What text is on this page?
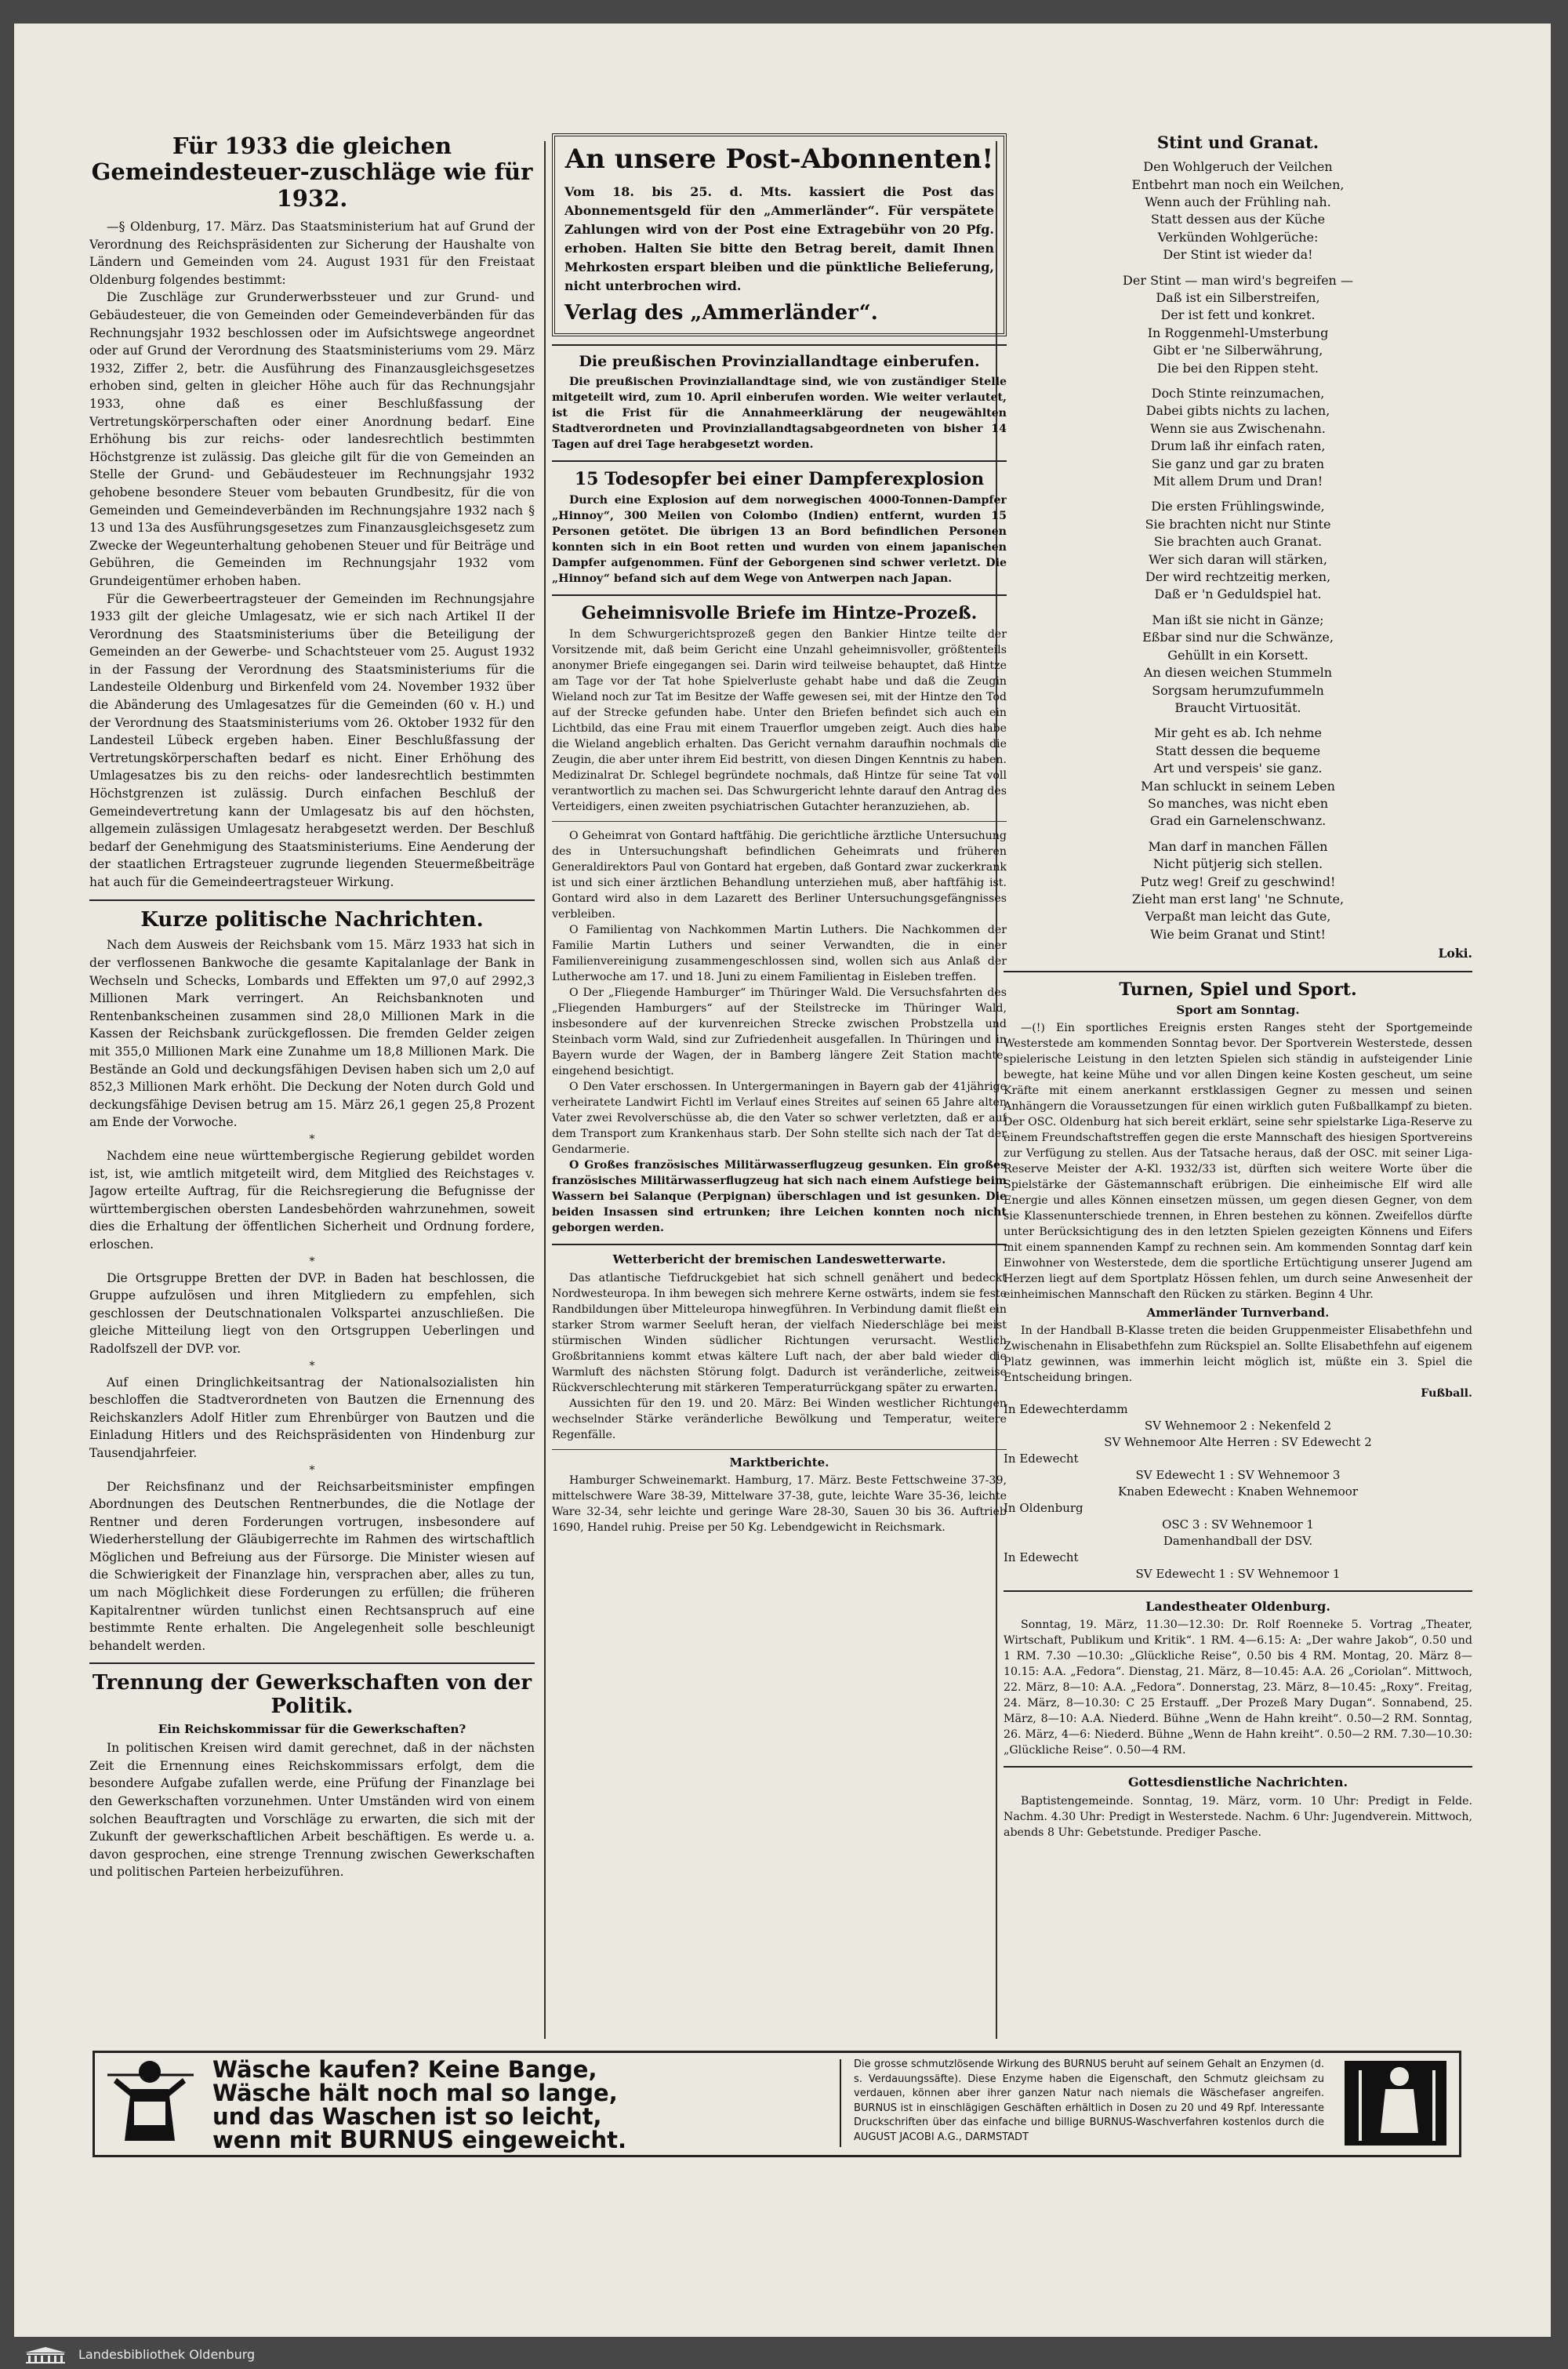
Für 1933 die gleichen Gemeindesteuer-zuschläge wie für 1932.

—§ Oldenburg, 17. März. Das Staatsministerium hat auf Grund der Verordnung des Reichspräsidenten zur Sicherung der Haushalte von Ländern und Gemeinden vom 24. August 1931 für den Freistaat Oldenburg folgendes bestimmt:

Die Zuschläge zur Grunderwerbssteuer und zur Grund- und Gebäudesteuer, die von Gemeinden oder Gemeindeverbänden für das Rechnungsjahr 1932 beschlossen oder im Aufsichtswege angeordnet oder auf Grund der Verordnung des Staatsministeriums vom 29. März 1932, Ziffer 2, betr. die Ausführung des Finanzausgleichsgesetzes erhoben sind, gelten in gleicher Höhe auch für das Rechnungsjahr 1933, ohne daß es einer Beschlußfassung der Vertretungskörperschaften oder einer Anordnung bedarf. Eine Erhöhung bis zur reichs- oder landesrechtlich bestimmten Höchstgrenze ist zulässig. Das gleiche gilt für die von Gemeinden an Stelle der Grund- und Gebäudesteuer im Rechnungsjahr 1932 gehobene besondere Steuer vom bebauten Grundbesitz, für die von Gemeinden und Gemeindeverbänden im Rechnungsjahre 1932 nach § 13 und 13a des Ausführungsgesetzes zum Finanzausgleichsgesetz zum Zwecke der Wegeunterhaltung gehobenen Steuer und für Beiträge und Gebühren, die Gemeinden im Rechnungsjahr 1932 vom Grundeigentümer erhoben haben.

Für die Gewerbeertragsteuer der Gemeinden im Rechnungsjahre 1933 gilt der gleiche Umlagesatz, wie er sich nach Artikel II der Verordnung des Staatsministeriums über die Beteiligung der Gemeinden an der Gewerbe- und Schachtsteuer vom 25. August 1932 in der Fassung der Verordnung des Staatsministeriums für die Landesteile Oldenburg und Birkenfeld vom 24. November 1932 über die Abänderung des Umlagesatzes für die Gemeinden (60 v. H.) und der Verordnung des Staatsministeriums vom 26. Oktober 1932 für den Landesteil Lübeck ergeben haben. Einer Beschlußfassung der Vertretungskörperschaften bedarf es nicht. Einer Erhöhung des Umlagesatzes bis zu den reichs- oder landesrechtlich bestimmten Höchstgrenzen ist zulässig. Durch einfachen Beschluß der Gemeindevertretung kann der Umlagesatz bis auf den höchsten, allgemein zulässigen Umlagesatz herabgesetzt werden. Der Beschluß bedarf der Genehmigung des Staatsministeriums. Eine Aenderung der der staatlichen Ertragsteuer zugrunde liegenden Steuermeßbeiträge hat auch für die Gemeindeertragsteuer Wirkung.

Kurze politische Nachrichten.

Nach dem Ausweis der Reichsbank vom 15. März 1933 hat sich in der verflossenen Bankwoche die gesamte Kapitalanlage der Bank in Wechseln und Schecks, Lombards und Effekten um 97,0 auf 2992,3 Millionen Mark verringert. An Reichsbanknoten und Rentenbankscheinen zusammen sind 28,0 Millionen Mark in die Kassen der Reichsbank zurückgeflossen. Die fremden Gelder zeigen mit 355,0 Millionen Mark eine Zunahme um 18,8 Millionen Mark. Die Bestände an Gold und deckungsfähigen Devisen haben sich um 2,0 auf 852,3 Millionen Mark erhöht. Die Deckung der Noten durch Gold und deckungsfähige Devisen betrug am 15. März 26,1 gegen 25,8 Prozent am Ende der Vorwoche.

*

Nachdem eine neue württembergische Regierung gebildet worden ist, ist, wie amtlich mitgeteilt wird, dem Mitglied des Reichstages v. Jagow erteilte Auftrag, für die Reichsregierung die Befugnisse der württembergischen obersten Landesbehörden wahrzunehmen, soweit dies die Erhaltung der öffentlichen Sicherheit und Ordnung fordere, erloschen.

*

Die Ortsgruppe Bretten der DVP. in Baden hat beschlossen, die Gruppe aufzulösen und ihren Mitgliedern zu empfehlen, sich geschlossen der Deutschnationalen Volkspartei anzuschließen. Die gleiche Mitteilung liegt von den Ortsgruppen Ueberlingen und Radolfszell der DVP. vor.

*

Auf einen Dringlichkeitsantrag der Nationalsozialisten hin beschloffen die Stadtverordneten von Bautzen die Ernennung des Reichskanzlers Adolf Hitler zum Ehrenbürger von Bautzen und die Einladung Hitlers und des Reichspräsidenten von Hindenburg zur Tausendjahrfeier.

*

Der Reichsfinanz und der Reichsarbeitsminister empfingen Abordnungen des Deutschen Rentnerbundes, die die Notlage der Rentner und deren Forderungen vortrugen, insbesondere auf Wiederherstellung der Gläubigerrechte im Rahmen des wirtschaftlich Möglichen und Befreiung aus der Fürsorge. Die Minister wiesen auf die Schwierigkeit der Finanzlage hin, versprachen aber, alles zu tun, um nach Möglichkeit diese Forderungen zu erfüllen; die früheren Kapitalrentner würden tunlichst einen Rechtsanspruch auf eine bestimmte Rente erhalten. Die Angelegenheit solle beschleunigt behandelt werden.

Trennung der Gewerkschaften von der Politik.

Ein Reichskommissar für die Gewerkschaften?

In politischen Kreisen wird damit gerechnet, daß in der nächsten Zeit die Ernennung eines Reichskommissars erfolgt, dem die besondere Aufgabe zufallen werde, eine Prüfung der Finanzlage bei den Gewerkschaften vorzunehmen. Unter Umständen wird von einem solchen Beauftragten und Vorschläge zu erwarten, die sich mit der Zukunft der gewerkschaftlichen Arbeit beschäftigen. Es werde u. a. davon gesprochen, eine strenge Trennung zwischen Gewerkschaften und politischen Parteien herbeizuführen.

An unsere Post-Abonnenten!

Vom 18. bis 25. d. Mts. kassiert die Post das Abonnementsgeld für den „Ammerländer“. Für verspätete Zahlungen wird von der Post eine Extragebühr von 20 Pfg. erhoben. Halten Sie bitte den Betrag bereit, damit Ihnen Mehrkosten erspart bleiben und die pünktliche Belieferung, nicht unterbrochen wird.

Verlag des „Ammerländer“.

Die preußischen Provinziallandtage einberufen.

Die preußischen Provinziallandtage sind, wie von zuständiger Stelle mitgeteilt wird, zum 10. April einberufen worden. Wie weiter verlautet, ist die Frist für die Annahmeerklärung der neugewählten Stadtverordneten und Provinziallandtagsabgeordneten von bisher 14 Tagen auf drei Tage herabgesetzt worden.

15 Todesopfer bei einer Dampferexplosion

Durch eine Explosion auf dem norwegischen 4000-Tonnen-Dampfer „Hinnoy“, 300 Meilen von Colombo (Indien) entfernt, wurden 15 Personen getötet. Die übrigen 13 an Bord befindlichen Personen konnten sich in ein Boot retten und wurden von einem japanischen Dampfer aufgenommen. Fünf der Geborgenen sind schwer verletzt. Die „Hinnoy“ befand sich auf dem Wege von Antwerpen nach Japan.

Geheimnisvolle Briefe im Hintze-Prozeß.

In dem Schwurgerichtsprozeß gegen den Bankier Hintze teilte der Vorsitzende mit, daß beim Gericht eine Unzahl geheimnisvoller, größtenteils anonymer Briefe eingegangen sei. Darin wird teilweise behauptet, daß Hintze am Tage vor der Tat hohe Spielverluste gehabt habe und daß die Zeugin Wieland noch zur Tat im Besitze der Waffe gewesen sei, mit der Hintze den Tod auf der Strecke gefunden habe. Unter den Briefen befindet sich auch ein Lichtbild, das eine Frau mit einem Trauerflor umgeben zeigt. Auch dies habe die Wieland angeblich erhalten. Das Gericht vernahm daraufhin nochmals die Zeugin, die aber unter ihrem Eid bestritt, von diesen Dingen Kenntnis zu haben. Medizinalrat Dr. Schlegel begründete nochmals, daß Hintze für seine Tat voll verantwortlich zu machen sei. Das Schwurgericht lehnte darauf den Antrag des Verteidigers, einen zweiten psychiatrischen Gutachter heranzuziehen, ab.

O Geheimrat von Gontard haftfähig. Die gerichtliche ärztliche Untersuchung des in Untersuchungshaft befindlichen Geheimrats und früheren Generaldirektors Paul von Gontard hat ergeben, daß Gontard zwar zuckerkrank ist und sich einer ärztlichen Behandlung unterziehen muß, aber haftfähig ist. Gontard wird also in dem Lazarett des Berliner Untersuchungsgefängnisses verbleiben.

O Familientag von Nachkommen Martin Luthers. Die Nachkommen der Familie Martin Luthers und seiner Verwandten, die in einer Familienvereinigung zusammengeschlossen sind, wollen sich aus Anlaß der Lutherwoche am 17. und 18. Juni zu einem Familientag in Eisleben treffen.

O Der „Fliegende Hamburger“ im Thüringer Wald. Die Versuchsfahrten des „Fliegenden Hamburgers“ auf der Steilstrecke im Thüringer Wald, insbesondere auf der kurvenreichen Strecke zwischen Probstzella und Steinbach vorm Wald, sind zur Zufriedenheit ausgefallen. In Thüringen und in Bayern wurde der Wagen, der in Bamberg längere Zeit Station machte, eingehend besichtigt.

O Den Vater erschossen. In Untergermaningen in Bayern gab der 41jährige verheiratete Landwirt Fichtl im Verlauf eines Streites auf seinen 65 Jahre alten Vater zwei Revolverschüsse ab, die den Vater so schwer verletzten, daß er auf dem Transport zum Krankenhaus starb. Der Sohn stellte sich nach der Tat der Gendarmerie.

O Großes französisches Militärwasserflugzeug gesunken. Ein großes französisches Militärwasserflugzeug hat sich nach einem Aufstiege beim Wassern bei Salanque (Perpignan) überschlagen und ist gesunken. Die beiden Insassen sind ertrunken; ihre Leichen konnten noch nicht geborgen werden.

Wetterbericht der bremischen Landeswetterwarte.

Das atlantische Tiefdruckgebiet hat sich schnell genähert und bedeckt Nordwesteuropa. In ihm bewegen sich mehrere Kerne ostwärts, indem sie feste Randbildungen über Mitteleuropa hinwegführen. In Verbindung damit fließt ein starker Strom warmer Seeluft heran, der vielfach Niederschläge bei meist stürmischen Winden südlicher Richtungen verursacht. Westlich Großbritanniens kommt etwas kältere Luft nach, der aber bald wieder die Warmluft des nächsten Störung folgt. Dadurch ist veränderliche, zeitweise Rückverschlechterung mit stärkeren Temperaturrückgang später zu erwarten.

Aussichten für den 19. und 20. März: Bei Winden westlicher Richtungen wechselnder Stärke veränderliche Bewölkung und Temperatur, weitere Regenfälle.

Marktberichte.

Hamburger Schweinemarkt. Hamburg, 17. März. Beste Fettschweine 37-39, mittelschwere Ware 38-39, Mittelware 37-38, gute, leichte Ware 35-36, leichte Ware 32-34, sehr leichte und geringe Ware 28-30, Sauen 30 bis 36. Auftrieb 1690, Handel ruhig. Preise per 50 Kg. Lebendgewicht in Reichsmark.

Stint und Granat.

Den Wohlgeruch der Veilchen

Entbehrt man noch ein Weilchen,

Wenn auch der Frühling nah.

Statt dessen aus der Küche

Verkünden Wohlgerüche:

Der Stint ist wieder da!

Der Stint — man wird's begreifen —

Daß ist ein Silberstreifen,

Der ist fett und konkret.

In Roggenmehl-Umsterbung

Gibt er 'ne Silberwährung,

Die bei den Rippen steht.

Doch Stinte reinzumachen,

Dabei gibts nichts zu lachen,

Wenn sie aus Zwischenahn.

Drum laß ihr einfach raten,

Sie ganz und gar zu braten

Mit allem Drum und Dran!

Die ersten Frühlingswinde,

Sie brachten nicht nur Stinte

Sie brachten auch Granat.

Wer sich daran will stärken,

Der wird rechtzeitig merken,

Daß er 'n Geduldspiel hat.

Man ißt sie nicht in Gänze;

Eßbar sind nur die Schwänze,

Gehüllt in ein Korsett.

An diesen weichen Stummeln

Sorgsam herumzufummeln

Braucht Virtuosität.

Mir geht es ab. Ich nehme

Statt dessen die bequeme

Art und verspeis' sie ganz.

Man schluckt in seinem Leben

So manches, was nicht eben

Grad ein Garnelenschwanz.

Man darf in manchen Fällen

Nicht pütjerig sich stellen.

Putz weg! Greif zu geschwind!

Zieht man erst lang' 'ne Schnute,

Verpaßt man leicht das Gute,

Wie beim Granat und Stint!

Loki.

Turnen, Spiel und Sport.

Sport am Sonntag.

—(!) Ein sportliches Ereignis ersten Ranges steht der Sportgemeinde Westerstede am kommenden Sonntag bevor. Der Sportverein Westerstede, dessen spielerische Leistung in den letzten Spielen sich ständig in aufsteigender Linie bewegte, hat keine Mühe und vor allen Dingen keine Kosten gescheut, um seine Kräfte mit einem anerkannt erstklassigen Gegner zu messen und seinen Anhängern die Voraussetzungen für einen wirklich guten Fußballkampf zu bieten. Der OSC. Oldenburg hat sich bereit erklärt, seine sehr spielstarke Liga-Reserve zu einem Freundschaftstreffen gegen die erste Mannschaft des hiesigen Sportvereins zur Verfügung zu stellen. Aus der Tatsache heraus, daß der OSC. mit seiner Liga-Reserve Meister der A-Kl. 1932/33 ist, dürften sich weitere Worte über die Spielstärke der Gästemannschaft erübrigen. Die einheimische Elf wird alle Energie und alles Können einsetzen müssen, um gegen diesen Gegner, von dem sie Klassenunterschiede trennen, in Ehren bestehen zu können. Zweifellos dürfte unter Berücksichtigung des in den letzten Spielen gezeigten Könnens und Eifers mit einem spannenden Kampf zu rechnen sein. Am kommenden Sonntag darf kein Einwohner von Westerstede, dem die sportliche Ertüchtigung unserer Jugend am Herzen liegt auf dem Sportplatz Hössen fehlen, um durch seine Anwesenheit der einheimischen Mannschaft den Rücken zu stärken. Beginn 4 Uhr.

Ammerländer Turnverband.

In der Handball B-Klasse treten die beiden Gruppenmeister Elisabethfehn und Zwischenahn in Elisabethfehn zum Rückspiel an. Sollte Elisabethfehn auf eigenem Platz gewinnen, was immerhin leicht möglich ist, müßte ein 3. Spiel die Entscheidung bringen.

Fußball.

In Edewechterdamm

SV Wehnemoor 2 : Nekenfeld 2

SV Wehnemoor Alte Herren : SV Edewecht 2

In Edewecht

SV Edewecht 1 : SV Wehnemoor 3

Knaben Edewecht : Knaben Wehnemoor

In Oldenburg

OSC 3 : SV Wehnemoor 1

Damenhandball der DSV.

In Edewecht

SV Edewecht 1 : SV Wehnemoor 1

Landestheater Oldenburg.

Sonntag, 19. März, 11.30—12.30: Dr. Rolf Roenneke 5. Vortrag „Theater, Wirtschaft, Publikum und Kritik“. 1 RM. 4—6.15: A: „Der wahre Jakob“, 0.50 und 1 RM. 7.30 —10.30: „Glückliche Reise“, 0.50 bis 4 RM. Montag, 20. März 8—10.15: A.A. „Fedora“. Dienstag, 21. März, 8—10.45: A.A. 26 „Coriolan“. Mittwoch, 22. März, 8—10: A.A. „Fedora“. Donnerstag, 23. März, 8—10.45: „Roxy“. Freitag, 24. März, 8—10.30: C 25 Erstauff. „Der Prozeß Mary Dugan“. Sonnabend, 25. März, 8—10: A.A. Niederd. Bühne „Wenn de Hahn kreiht“. 0.50—2 RM. Sonntag, 26. März, 4—6: Niederd. Bühne „Wenn de Hahn kreiht“. 0.50—2 RM. 7.30—10.30: „Glückliche Reise“. 0.50—4 RM.

Gottesdienstliche Nachrichten.

Baptistengemeinde. Sonntag, 19. März, vorm. 10 Uhr: Predigt in Felde. Nachm. 4.30 Uhr: Predigt in Westerstede. Nachm. 6 Uhr: Jugendverein. Mittwoch, abends 8 Uhr: Gebetstunde. Prediger Pasche.

Wäsche kaufen? Keine Bange,
Wäsche hält noch mal so lange,
und das Waschen ist so leicht,
wenn mit BURNUS eingeweicht.

Die grosse schmutzlösende Wirkung des BURNUS beruht auf seinem Gehalt an Enzymen (d. s. Verdauungssäfte). Diese Enzyme haben die Eigenschaft, den Schmutz gleichsam zu verdauen, können aber ihrer ganzen Natur nach niemals die Wäschefaser angreifen. BURNUS ist in einschlägigen Geschäften erhältlich in Dosen zu 20 und 49 Rpf. Interessante Druckschriften über das einfache und billige BURNUS-Waschverfahren kostenlos durch die AUGUST JACOBI A.G., DARMSTADT

Landesbibliothek Oldenburg
